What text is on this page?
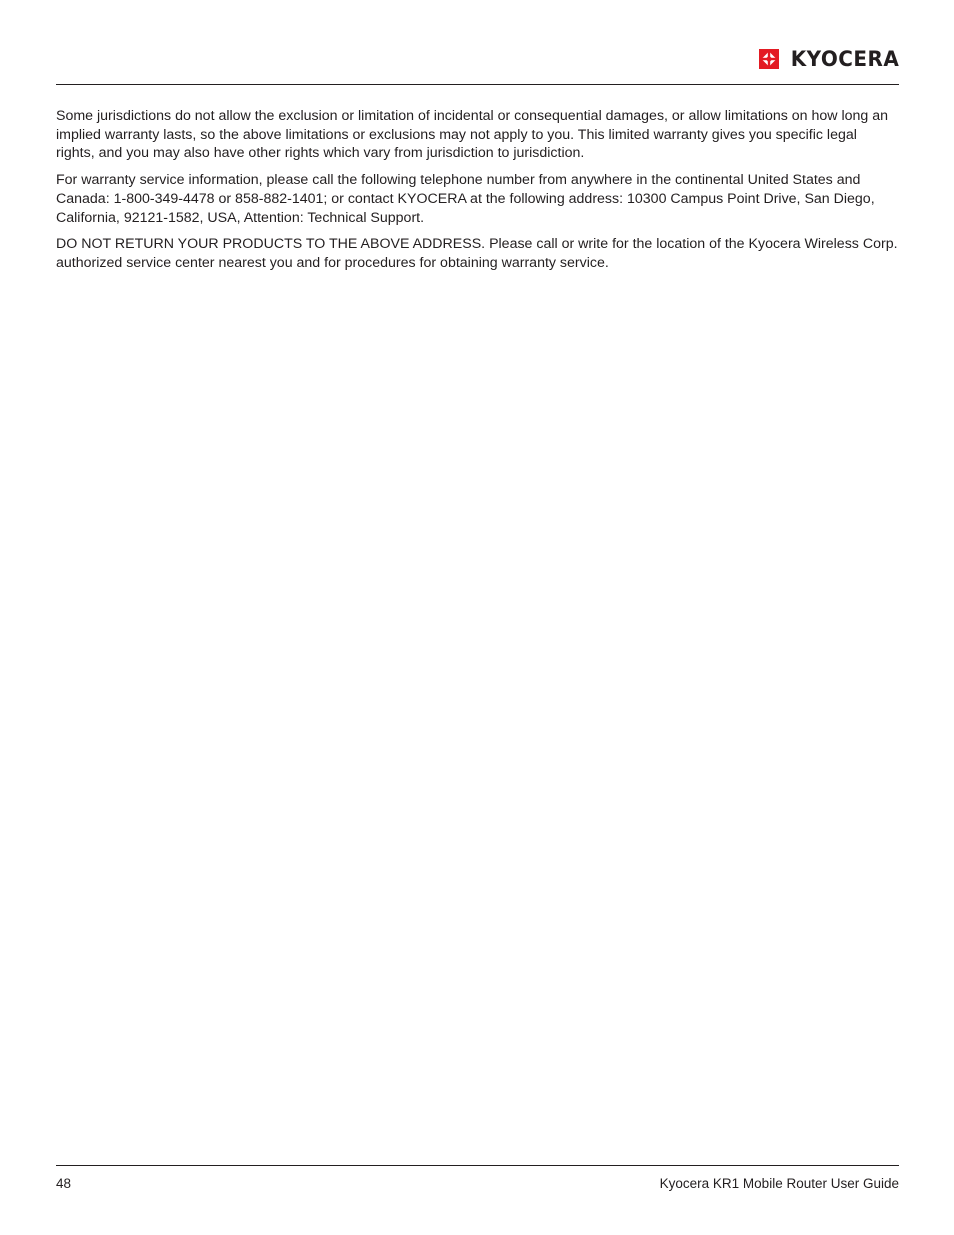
KYOCERA

Some jurisdictions do not allow the exclusion or limitation of incidental or consequential damages, or allow limitations on how long an implied warranty lasts, so the above limitations or exclusions may not apply to you. This limited warranty gives you specific legal rights, and you may also have other rights which vary from jurisdiction to jurisdiction.

For warranty service information, please call the following telephone number from anywhere in the continental United States and Canada: 1-800-349-4478 or 858-882-1401; or contact KYOCERA at the following address: 10300 Campus Point Drive, San Diego, California, 92121-1582, USA, Attention: Technical Support.

DO NOT RETURN YOUR PRODUCTS TO THE ABOVE ADDRESS. Please call or write for the location of the Kyocera Wireless Corp. authorized service center nearest you and for procedures for obtaining warranty service.

48	Kyocera KR1 Mobile Router User Guide
